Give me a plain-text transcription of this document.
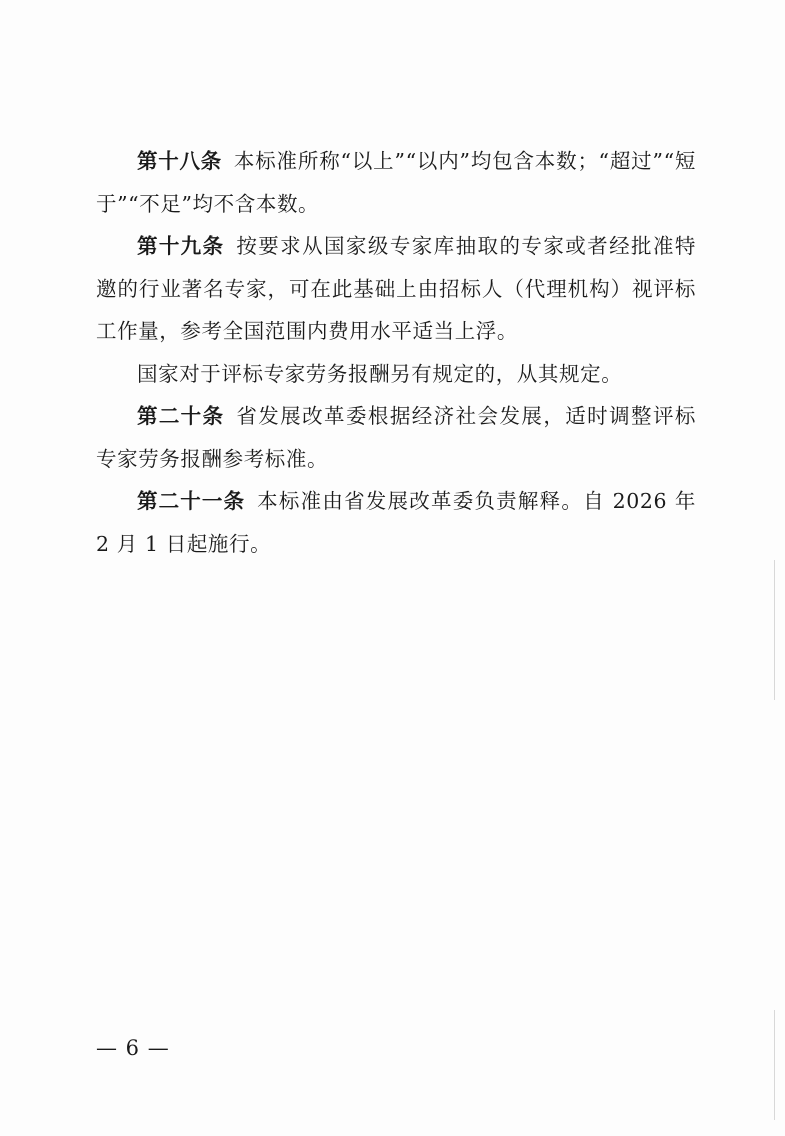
第十八条 本标准所称“以上”“以内”均包含本数；“超过”“短于”“不足”均不含本数。

第十九条 按要求从国家级专家库抽取的专家或者经批准特邀的行业著名专家，可在此基础上由招标人（代理机构）视评标工作量，参考全国范围内费用水平适当上浮。

国家对于评标专家劳务报酬另有规定的，从其规定。

第二十条 省发展改革委根据经济社会发展，适时调整评标专家劳务报酬参考标准。

第二十一条 本标准由省发展改革委负责解释。自 2026 年 2 月 1 日起施行。

— 6 —
